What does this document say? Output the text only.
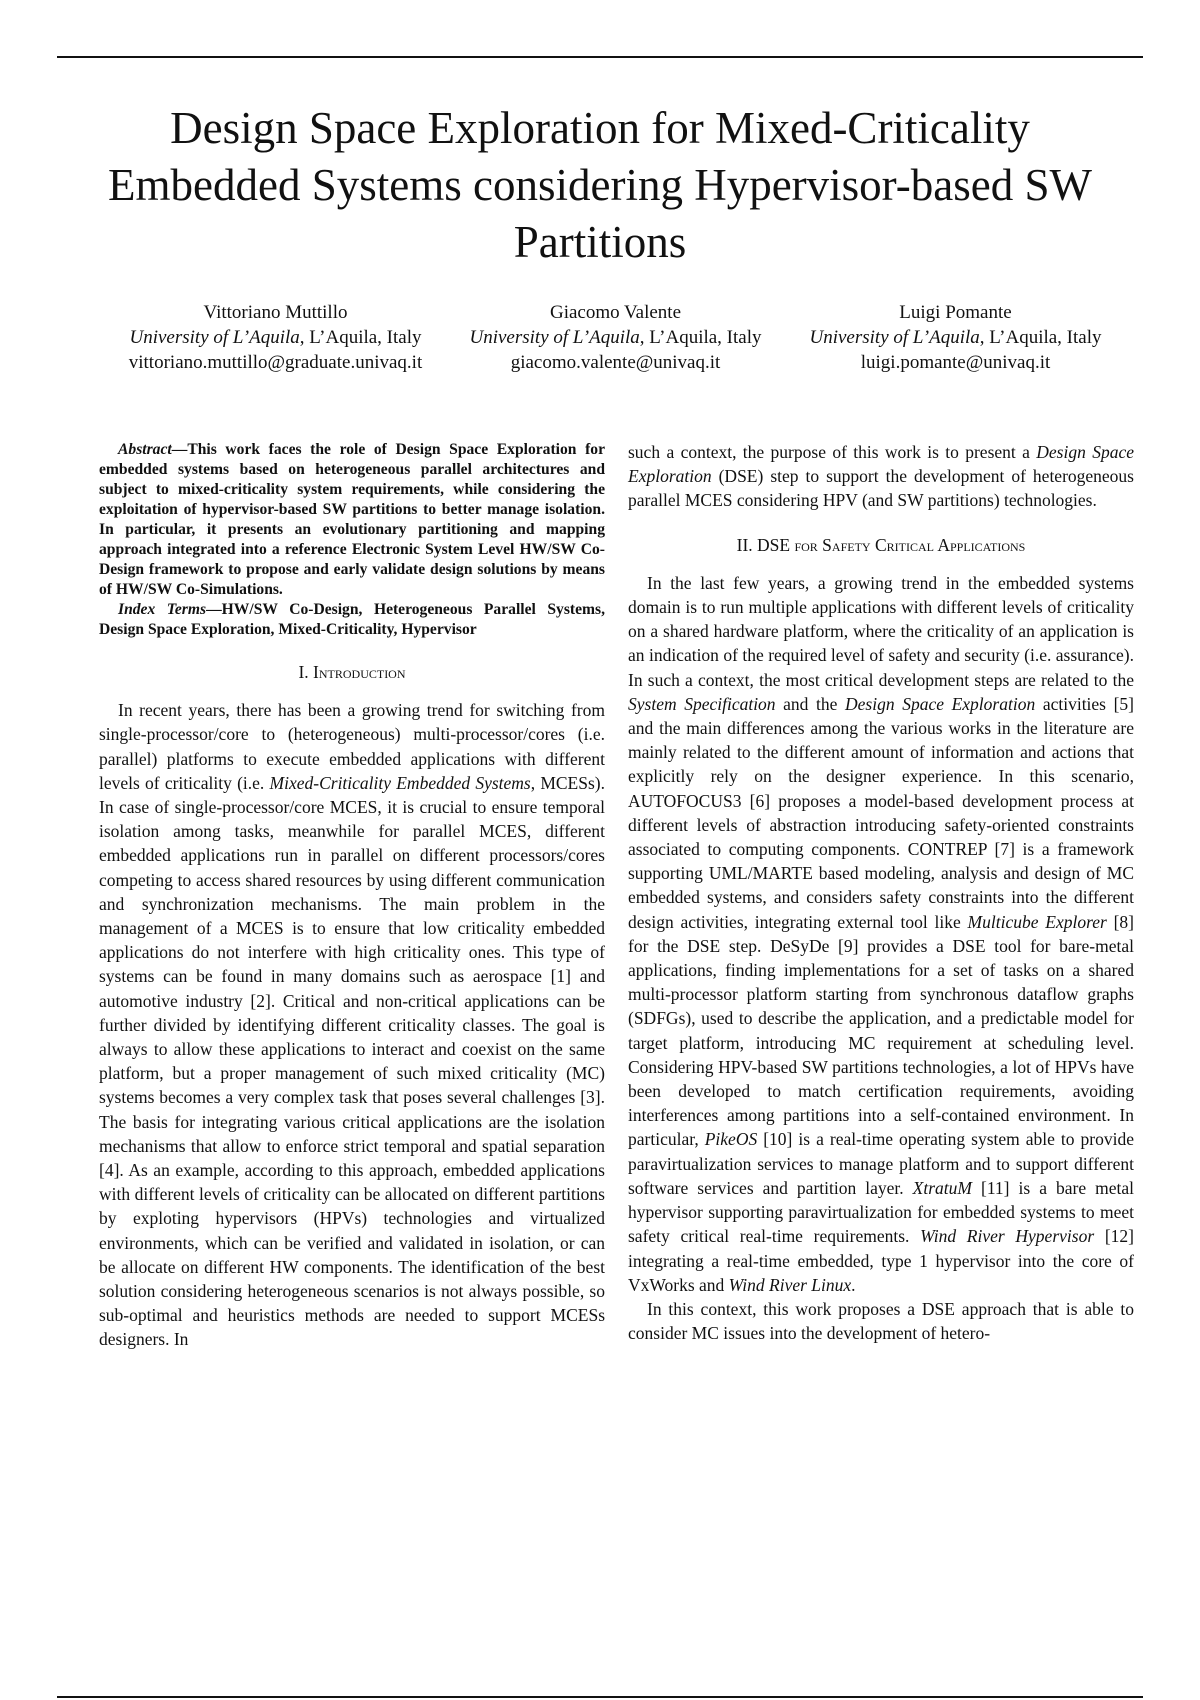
Design Space Exploration for Mixed-Criticality Embedded Systems considering Hypervisor-based SW Partitions
Vittoriano Muttillo
University of L’Aquila, L’Aquila, Italy
vittoriano.muttillo@graduate.univaq.it
Giacomo Valente
University of L’Aquila, L’Aquila, Italy
giacomo.valente@univaq.it
Luigi Pomante
University of L’Aquila, L’Aquila, Italy
luigi.pomante@univaq.it

Abstract—This work faces the role of Design Space Exploration for embedded systems based on heterogeneous parallel architectures and subject to mixed-criticality system requirements, while considering the exploitation of hypervisor-based SW partitions to better manage isolation. In particular, it presents an evolutionary partitioning and mapping approach integrated into a reference Electronic System Level HW/SW Co-Design framework to propose and early validate design solutions by means of HW/SW Co-Simulations.

Index Terms—HW/SW Co-Design, Heterogeneous Parallel Systems, Design Space Exploration, Mixed-Criticality, Hypervisor

I. Introduction

In recent years, there has been a growing trend for switching from single-processor/core to (heterogeneous) multi-processor/cores (i.e. parallel) platforms to execute embedded applications with different levels of criticality (i.e. Mixed-Criticality Embedded Systems, MCESs). In case of single-processor/core MCES, it is crucial to ensure temporal isolation among tasks, meanwhile for parallel MCES, different embedded applications run in parallel on different processors/cores competing to access shared resources by using different communication and synchronization mechanisms. The main problem in the management of a MCES is to ensure that low criticality embedded applications do not interfere with high criticality ones. This type of systems can be found in many domains such as aerospace [1] and automotive industry [2]. Critical and non-critical applications can be further divided by identifying different criticality classes. The goal is always to allow these applications to interact and coexist on the same platform, but a proper management of such mixed criticality (MC) systems becomes a very complex task that poses several challenges [3]. The basis for integrating various critical applications are the isolation mechanisms that allow to enforce strict temporal and spatial separation [4]. As an example, according to this approach, embedded applications with different levels of criticality can be allocated on different partitions by exploting hypervisors (HPVs) technologies and virtualized environments, which can be verified and validated in isolation, or can be allocate on different HW components. The identification of the best solution considering heterogeneous scenarios is not always possible, so sub-optimal and heuristics methods are needed to support MCESs designers. In

such a context, the purpose of this work is to present a Design Space Exploration (DSE) step to support the development of heterogeneous parallel MCES considering HPV (and SW partitions) technologies.

II. DSE for Safety Critical Applications

In the last few years, a growing trend in the embedded systems domain is to run multiple applications with different levels of criticality on a shared hardware platform, where the criticality of an application is an indication of the required level of safety and security (i.e. assurance). In such a context, the most critical development steps are related to the System Specification and the Design Space Exploration activities [5] and the main differences among the various works in the literature are mainly related to the different amount of information and actions that explicitly rely on the designer experience. In this scenario, AUTOFOCUS3 [6] proposes a model-based development process at different levels of abstraction introducing safety-oriented constraints associated to computing components. CONTREP [7] is a framework supporting UML/MARTE based modeling, analysis and design of MC embedded systems, and considers safety constraints into the different design activities, integrating external tool like Multicube Explorer [8] for the DSE step. DeSyDe [9] provides a DSE tool for bare-metal applications, finding implementations for a set of tasks on a shared multi-processor platform starting from synchronous dataflow graphs (SDFGs), used to describe the application, and a predictable model for target platform, introducing MC requirement at scheduling level. Considering HPV-based SW partitions technologies, a lot of HPVs have been developed to match certification requirements, avoiding interferences among partitions into a self-contained environment. In particular, PikeOS [10] is a real-time operating system able to provide paravirtualization services to manage platform and to support different software services and partition layer. XtratuM [11] is a bare metal hypervisor supporting paravirtualization for embedded systems to meet safety critical real-time requirements. Wind River Hypervisor [12] integrating a real-time embedded, type 1 hypervisor into the core of VxWorks and Wind River Linux.

In this context, this work proposes a DSE approach that is able to consider MC issues into the development of hetero-
